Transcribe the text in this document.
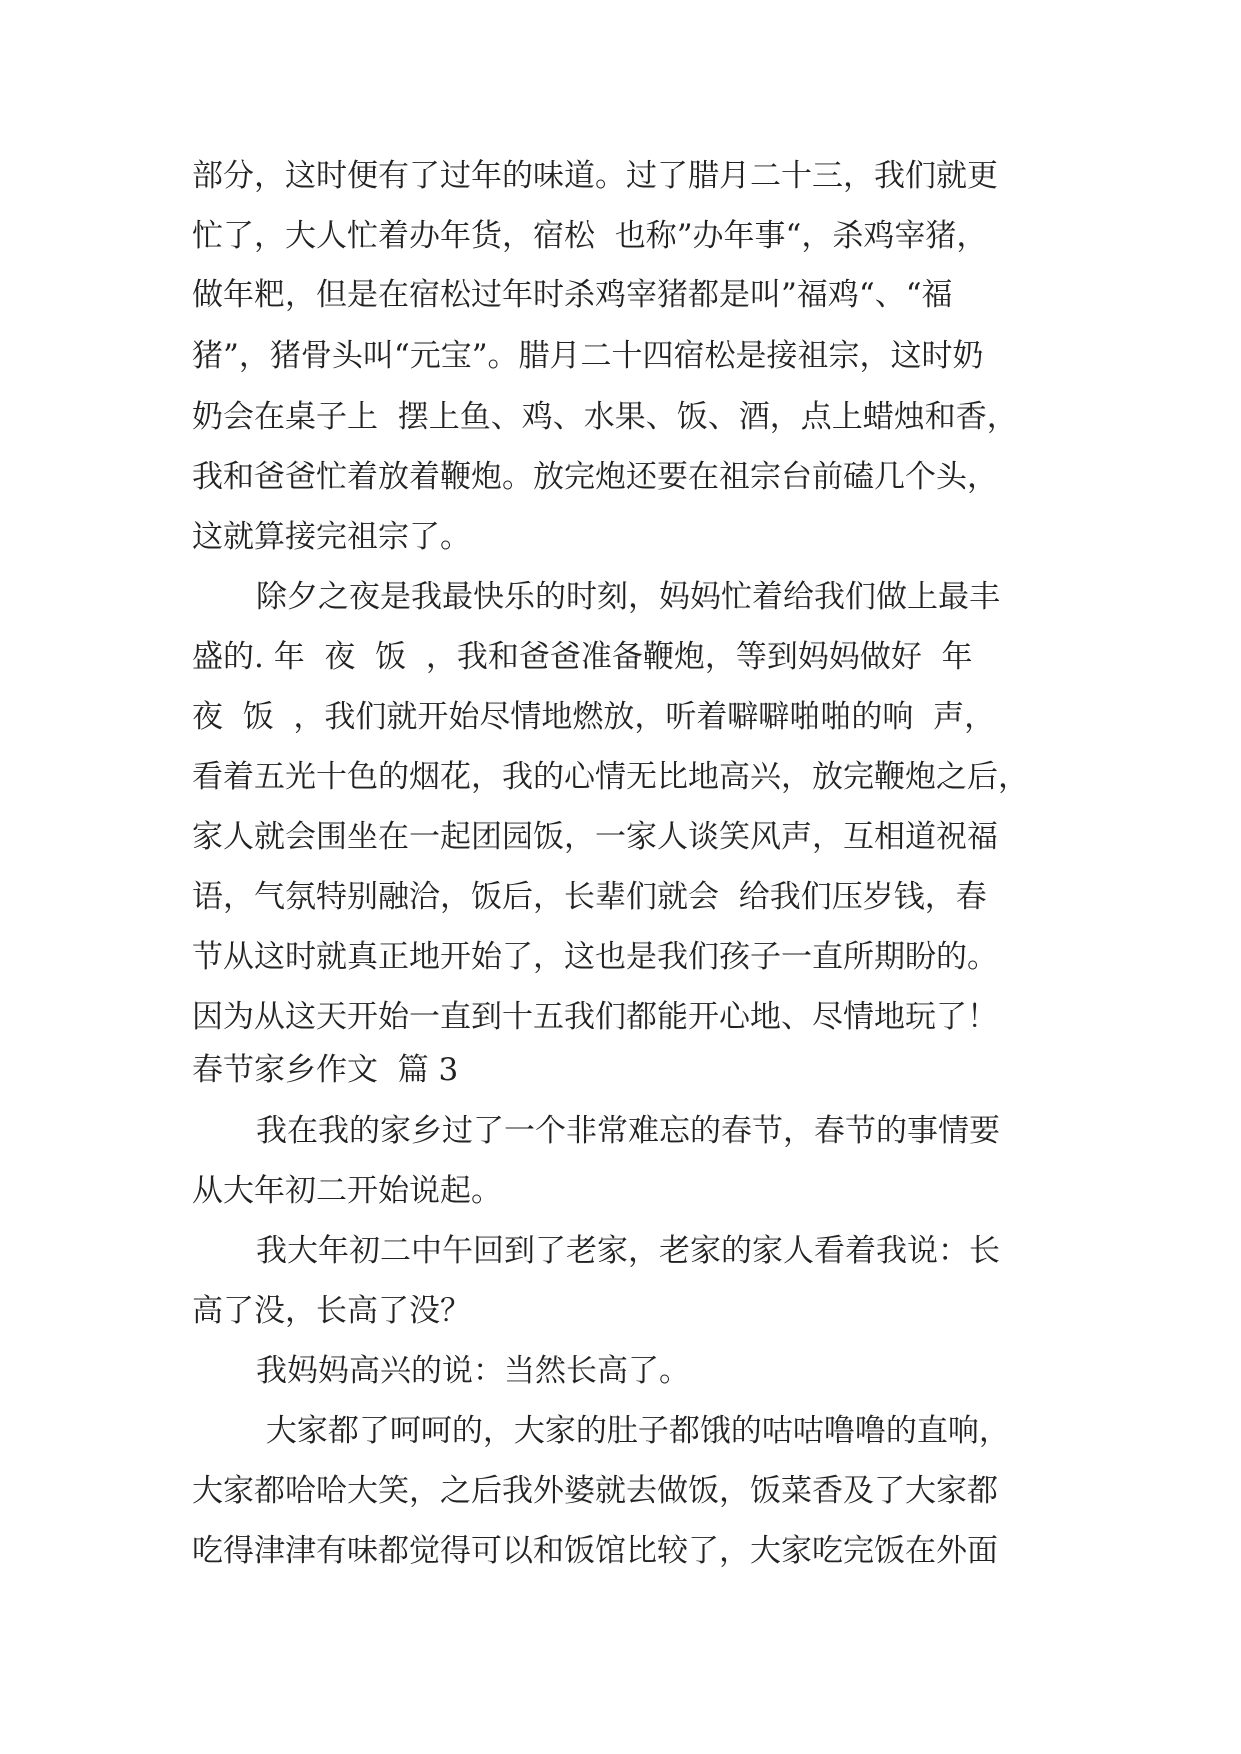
部分，这时便有了过年的味道。过了腊月二十三，我们就更
忙了，大人忙着办年货，宿松  也称”办年事“，杀鸡宰猪，
做年粑，但是在宿松过年时杀鸡宰猪都是叫”福鸡“、“福
猪”，猪骨头叫“元宝”。腊月二十四宿松是接祖宗，这时奶
奶会在桌子上  摆上鱼、鸡、水果、饭、酒，点上蜡烛和香，
我和爸爸忙着放着鞭炮。放完炮还要在祖宗台前磕几个头，
这就算接完祖宗了。
除夕之夜是我最快乐的时刻，妈妈忙着给我们做上最丰
盛的. 年  夜  饭  ，我和爸爸准备鞭炮，等到妈妈做好  年
夜  饭  ，我们就开始尽情地燃放，听着噼噼啪啪的响  声，
看着五光十色的烟花，我的心情无比地高兴，放完鞭炮之后，
家人就会围坐在一起团园饭，一家人谈笑风声，互相道祝福
语，气氛特别融洽，饭后，长辈们就会  给我们压岁钱，春
节从这时就真正地开始了，这也是我们孩子一直所期盼的。
因为从这天开始一直到十五我们都能开心地、尽情地玩了！
春节家乡作文  篇 3
我在我的家乡过了一个非常难忘的春节，春节的事情要
从大年初二开始说起。
我大年初二中午回到了老家，老家的家人看着我说：长
高了没，长高了没？
我妈妈高兴的说：当然长高了。
大家都了呵呵的，大家的肚子都饿的咕咕噜噜的直响，
大家都哈哈大笑，之后我外婆就去做饭，饭菜香及了大家都
吃得津津有味都觉得可以和饭馆比较了，大家吃完饭在外面
